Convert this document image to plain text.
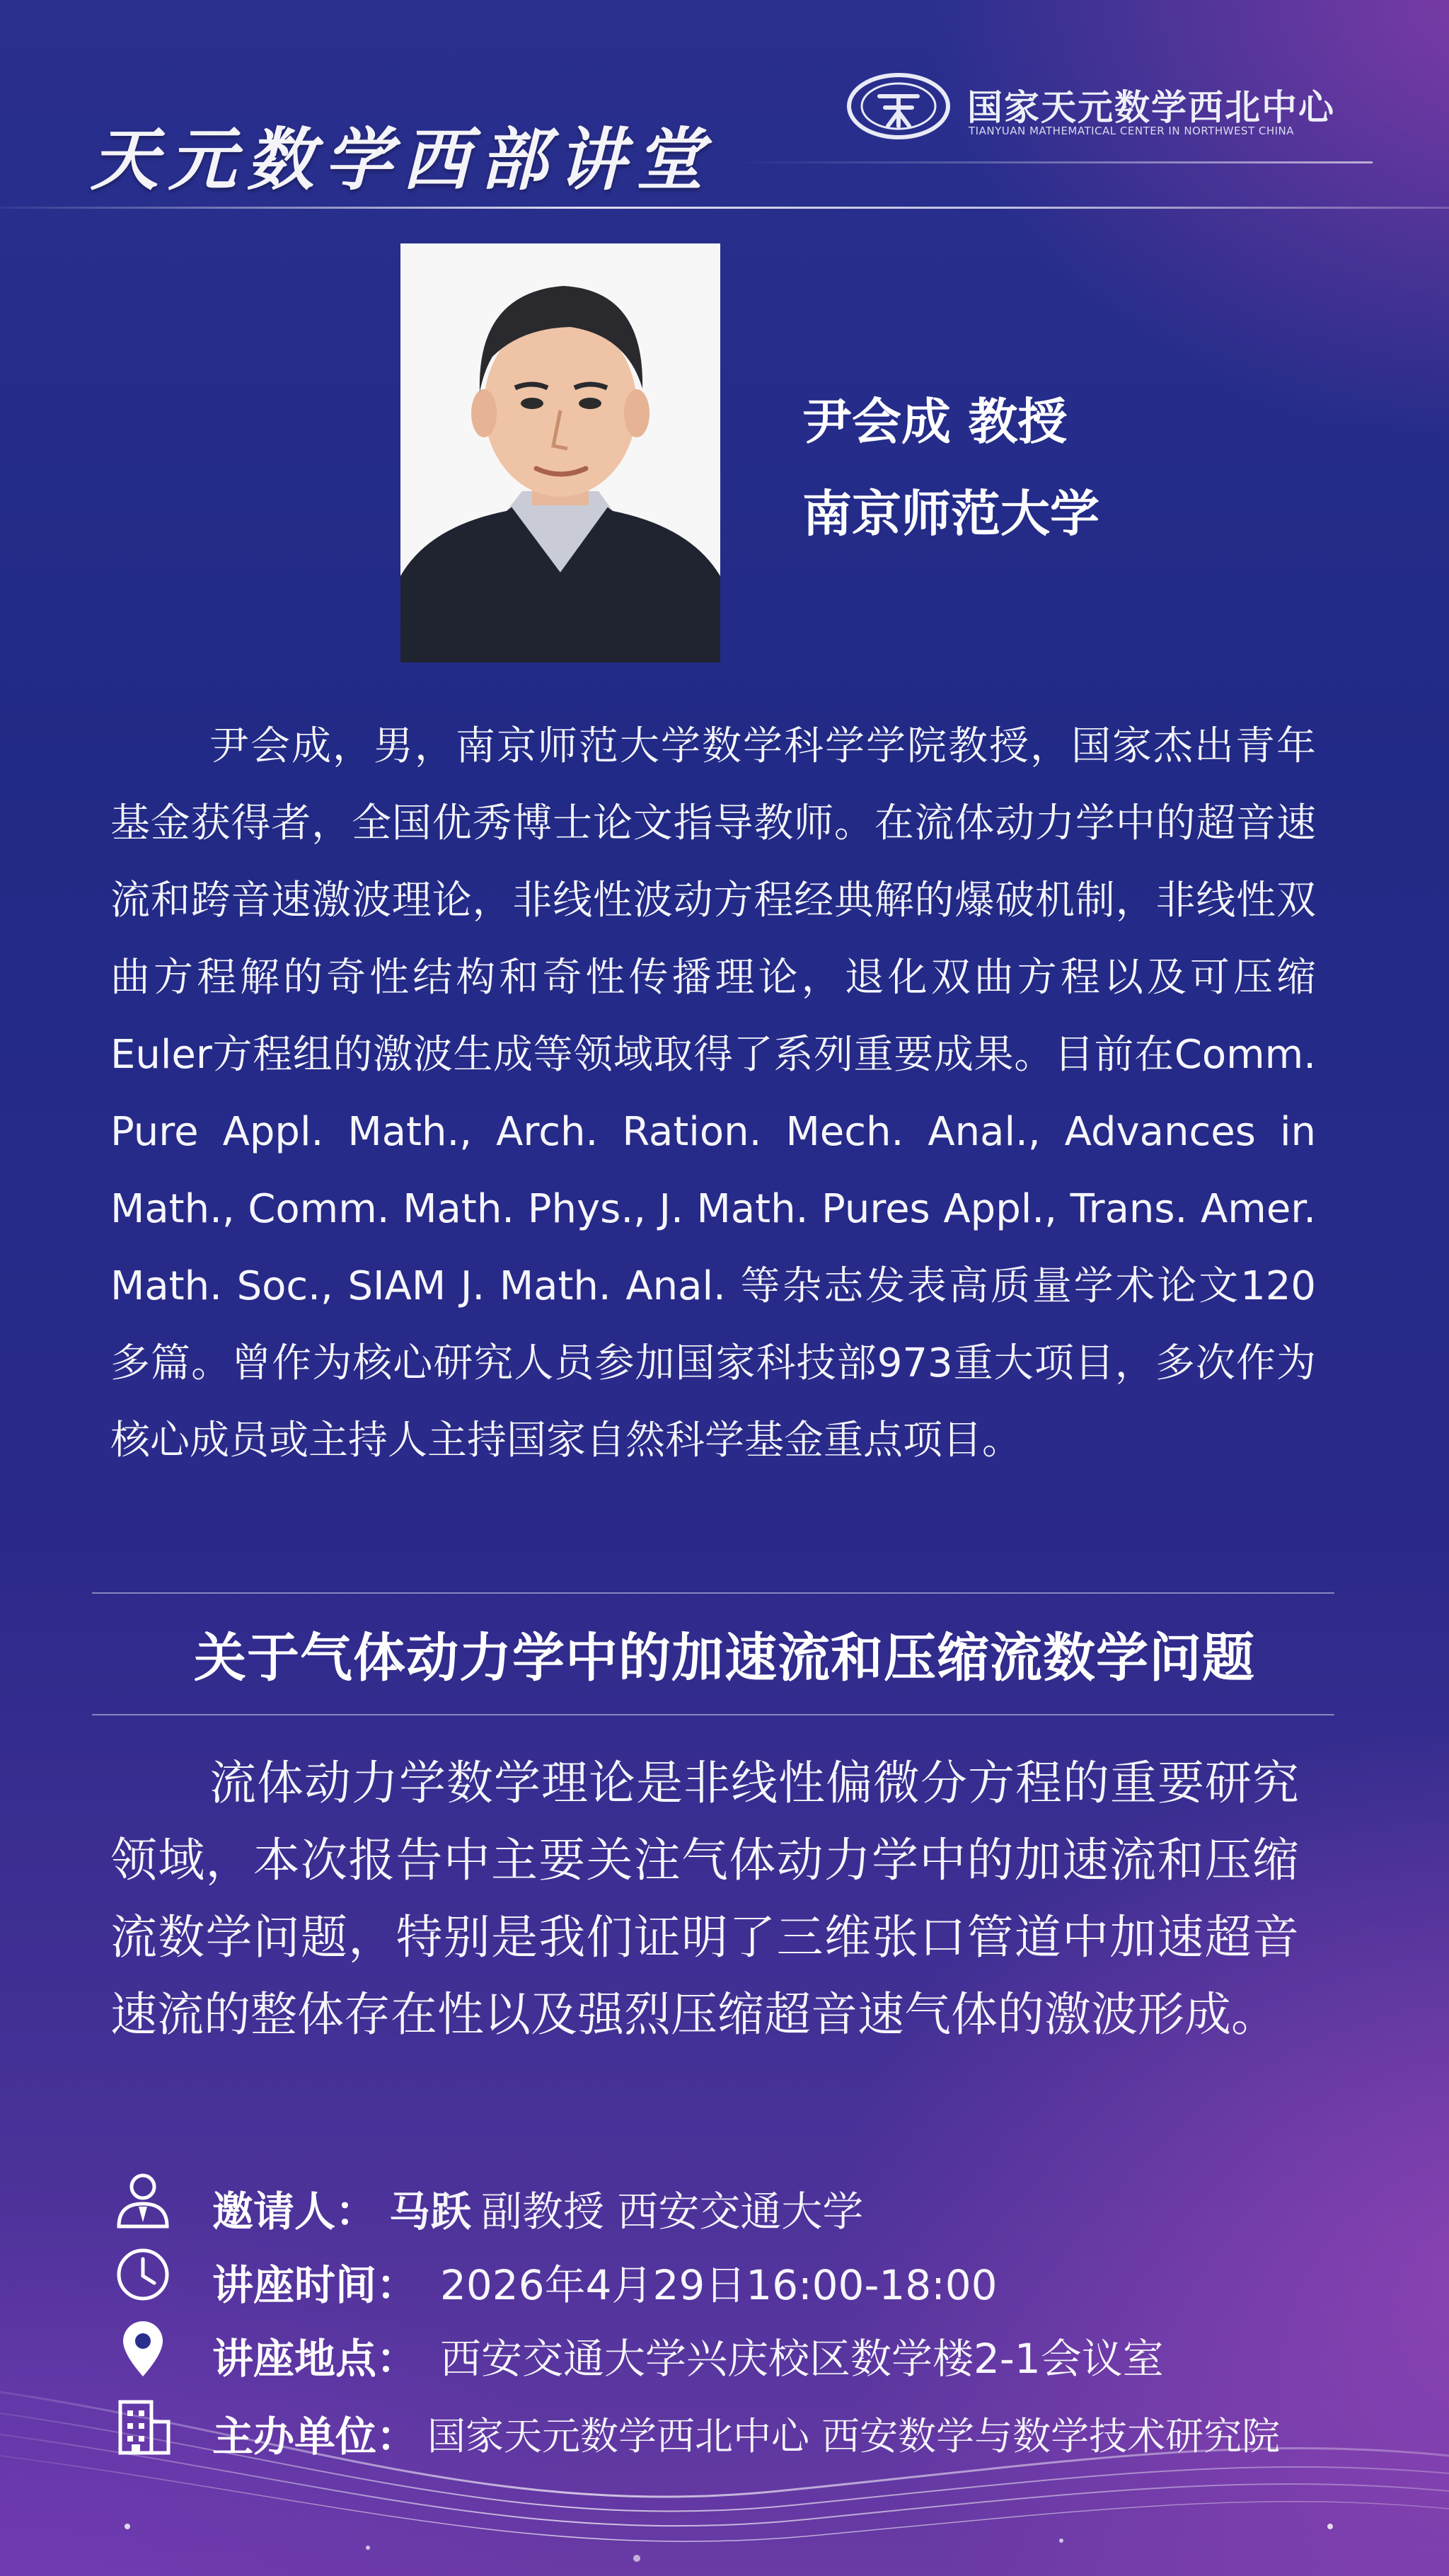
天元数学西部讲堂
国家天元数学西北中心
TIANYUAN MATHEMATICAL CENTER IN NORTHWEST CHINA
尹会成 教授
南京师范大学

尹会成，男，南京师范大学数学科学学院教授，国家杰出青年基金获得者，全国优秀博士论文指导教师。在流体动力学中的超音速流和跨音速激波理论，非线性波动方程经典解的爆破机制，非线性双曲方程解的奇性结构和奇性传播理论，退化双曲方程以及可压缩Euler方程组的激波生成等领域取得了系列重要成果。目前在Comm. Pure Appl. Math., Arch. Ration. Mech. Anal., Advances in Math., Comm. Math. Phys., J. Math. Pures Appl., Trans. Amer. Math. Soc., SIAM J. Math. Anal. 等杂志发表高质量学术论文120多篇。曾作为核心研究人员参加国家科技部973重大项目，多次作为核心成员或主持人主持国家自然科学基金重点项目。

关于气体动力学中的加速流和压缩流数学问题

流体动力学数学理论是非线性偏微分方程的重要研究领域，本次报告中主要关注气体动力学中的加速流和压缩流数学问题，特别是我们证明了三维张口管道中加速超音速流的整体存在性以及强烈压缩超音速气体的激波形成。

邀请人： 马跃 副教授 西安交通大学
讲座时间： 2026年4月29日16:00-18:00
讲座地点： 西安交通大学兴庆校区数学楼2-1会议室
主办单位： 国家天元数学西北中心 西安数学与数学技术研究院
